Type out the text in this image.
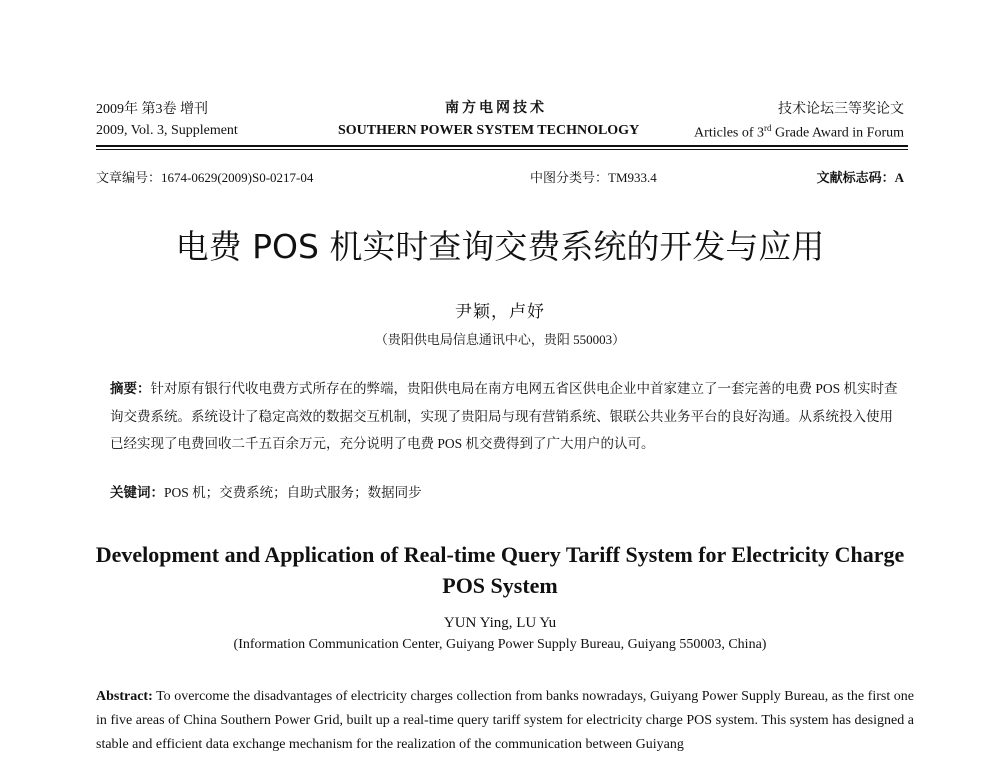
2009年 第3卷 增刊
2009, Vol. 3, Supplement
南方电网技术
SOUTHERN POWER SYSTEM TECHNOLOGY
技术论坛三等奖论文
Articles of 3rd Grade Award in Forum
文章编号：1674-0629(2009)S0-0217-04	中图分类号：TM933.4	文献标志码：A
电费 POS 机实时查询交费系统的开发与应用
尹颖，卢妤
（贵阳供电局信息通讯中心，贵阳 550003）
摘要：针对原有银行代收电费方式所存在的弊端，贵阳供电局在南方电网五省区供电企业中首家建立了一套完善的电费 POS 机实时查询交费系统。系统设计了稳定高效的数据交互机制，实现了贵阳局与现有营销系统、银联公共业务平台的良好沟通。从系统投入使用已经实现了电费回收二千五百余万元，充分说明了电费 POS 机交费得到了广大用户的认可。
关键词：POS 机；交费系统；自助式服务；数据同步
Development and Application of Real-time Query Tariff System for Electricity Charge POS System
YUN Ying, LU Yu
(Information Communication Center, Guiyang Power Supply Bureau, Guiyang 550003, China)
Abstract: To overcome the disadvantages of electricity charges collection from banks nowradays, Guiyang Power Supply Bureau, as the first one in five areas of China Southern Power Grid, built up a real-time query tariff system for electricity charge POS system. This system has designed a stable and efficient data exchange mechanism for the realization of the communication between Guiyang
